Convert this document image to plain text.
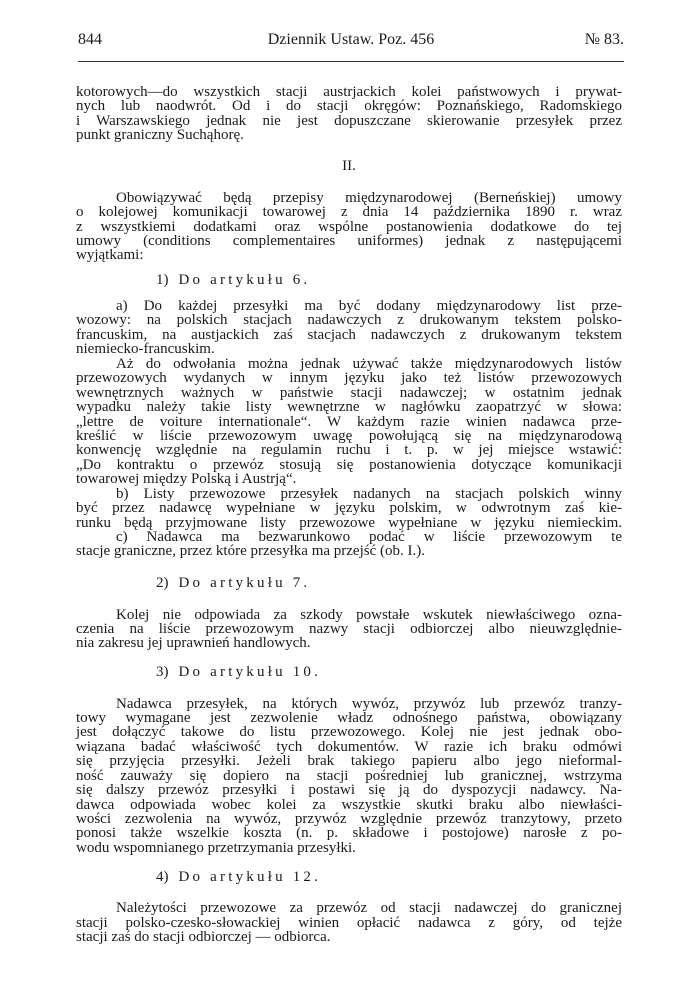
844	Dziennik Ustaw. Poz. 456	№ 83.
kotorowych—do wszystkich stacji austrjackich kolei państwowych i prywat-
nych lub naodwrót. Od i do stacji okręgów: Poznańskiego, Radomskiego
i Warszawskiego jednak nie jest dopuszczane skierowanie przesyłek przez
punkt graniczny Suchąhorę.
II.
Obowiązywać będą przepisy międzynarodowej (Berneńskiej) umowy
o kolejowej komunikacji towarowej z dnia 14 października 1890 r. wraz
z wszystkiemi dodatkami oraz wspólne postanowienia dodatkowe do tej
umowy (conditions complementaires uniformes) jednak z następującemi
wyjątkami:
1) Do artykułu 6.
a) Do każdej przesyłki ma być dodany międzynarodowy list prze-
wozowy: na polskich stacjach nadawczych z drukowanym tekstem polsko-
francuskim, na austjackich zaś stacjach nadawczych z drukowanym tekstem
niemiecko-francuskim.
Aż do odwołania można jednak używać także międzynarodowych listów
przewozowych wydanych w innym języku jako też listów przewozowych
wewnętrznych ważnych w państwie stacji nadawczej; w ostatnim jednak
wypadku należy takie listy wewnętrzne w nagłówku zaopatrzyć w słowa:
„lettre de voiture internationale“. W każdym razie winien nadawca prze-
kreślić w liście przewozowym uwagę powołującą się na międzynarodową
konwencję względnie na regulamin ruchu i t. p. w jej miejsce wstawić:
„Do kontraktu o przewóz stosują się postanowienia dotyczące komunikacji
towarowej między Polską i Austrją“.
b) Listy przewozowe przesyłek nadanych na stacjach polskich winny
być przez nadawcę wypełniane w języku polskim, w odwrotnym zaś kie-
runku będą przyjmowane listy przewozowe wypełniane w języku niemieckim.
c) Nadawca ma bezwarunkowo podać w liście przewozowym te
stacje graniczne, przez które przesyłka ma przejść (ob. I.).
2) Do artykułu 7.
Kolej nie odpowiada za szkody powstałe wskutek niewłaściwego ozna-
czenia na liście przewozowym nazwy stacji odbiorczej albo nieuwzględnie-
nia zakresu jej uprawnień handlowych.
3) Do artykułu 10.
Nadawca przesyłek, na których wywóz, przywóz lub przewóz tranzy-
towy wymagane jest zezwolenie władz odnośnego państwa, obowiązany
jest dołączyć takowe do listu przewozowego. Kolej nie jest jednak obo-
wiązana badać właściwość tych dokumentów. W razie ich braku odmówi
się przyjęcia przesyłki. Jeżeli brak takiego papieru albo jego nieformal-
ność zauważy się dopiero na stacji pośredniej lub granicznej, wstrzyma
się dalszy przewóz przesyłki i postawi się ją do dyspozycji nadawcy. Na-
dawca odpowiada wobec kolei za wszystkie skutki braku albo niewłaści-
wości zezwolenia na wywóz, przywóz względnie przewóz tranzytowy, przeto
ponosi także wszelkie koszta (n. p. składowe i postojowe) narosłe z po-
wodu wspomnianego przetrzymania przesyłki.
4) Do artykułu 12.
Należytości przewozowe za przewóz od stacji nadawczej do granicznej
stacji polsko-czesko-słowackiej winien opłacić nadawca z góry, od tejże
stacji zaś do stacji odbiorczej — odbiorca.
